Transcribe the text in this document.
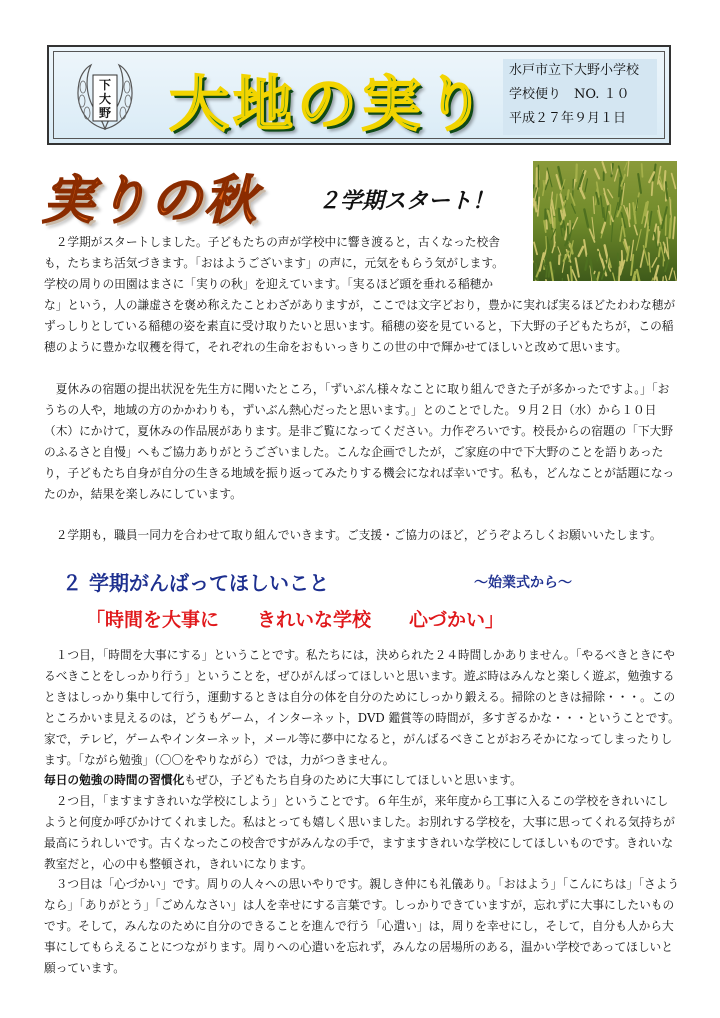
下
大
野 大地の実り 水戸市立下大野小学校
学校便り　NO. １０
平成２７年９月１日
実りの秋	２学期スタート！

２学期がスタートしました。子どもたちの声が学校中に響き渡ると，古くなった校舎も，たちまち活気づきます。「おはようございます」の声に，元気をもらう気がします。学校の周りの田園はまさに「実りの秋」を迎えています。「実るほど頭を垂れる稲穂か
な」という，人の謙虚さを褒め称えたことわざがありますが，ここでは文字どおり，豊かに実れば実るほどたわわな穂がずっしりとしている稲穂の姿を素直に受け取りたいと思います。稲穂の姿を見ていると，下大野の子どもたちが，この稲穂のように豊かな収穫を得て，それぞれの生命をおもいっきりこの世の中で輝かせてほしいと改めて思います。

夏休みの宿題の提出状況を先生方に聞いたところ，「ずいぶん様々なことに取り組んできた子が多かったですよ。」「おうちの人や，地域の方のかかわりも，ずいぶん熱心だったと思います。」とのことでした。９月２日（水）から１０日（木）にかけて，夏休みの作品展があります。是非ご覧になってください。力作ぞろいです。校長からの宿題の「下大野のふるさと自慢」へもご協力ありがとうございました。こんな企画でしたが，ご家庭の中で下大野のことを語りあったり，子どもたち自身が自分の生きる地域を振り返ってみたりする機会になれば幸いです。私も，どんなことが話題になったのか，結果を楽しみにしています。

２学期も，職員一同力を合わせて取り組んでいきます。ご支援・ご協力のほど，どうぞよろしくお願いいたします。

２ 学期がんばってほしいこと	～始業式から～
「時間を大事に　　きれいな学校　　心づかい」

１つ目，「時間を大事にする」ということです。私たちには，決められた２４時間しかありません。「やるべきときにやるべきことをしっかり行う」ということを，ぜひがんばってほしいと思います。遊ぶ時はみんなと楽しく遊ぶ，勉強するときはしっかり集中して行う，運動するときは自分の体を自分のためにしっかり鍛える。掃除のときは掃除・・・。このところかいま見えるのは，どうもゲーム，インターネット，DVD 鑑賞等の時間が，多すぎるかな・・・ということです。家で，テレビ，ゲームやインターネット，メール等に夢中になると，がんばるべきことがおろそかになってしまったりします。「ながら勉強」（〇〇をやりながら）では，力がつきません。

毎日の勉強の時間の習慣化もぜひ，子どもたち自身のために大事にしてほしいと思います。

２つ目，「ますますきれいな学校にしよう」ということです。６年生が，来年度から工事に入るこの学校をきれいにしようと何度か呼びかけてくれました。私はとっても嬉しく思いました。お別れする学校を，大事に思ってくれる気持ちが最高にうれしいです。古くなったこの校舎ですがみんなの手で，ますますきれいな学校にしてほしいものです。きれいな教室だと，心の中も整頓され，きれいになります。

３つ目は「心づかい」です。周りの人々への思いやりです。親しき仲にも礼儀あり。「おはよう」「こんにちは」「さようなら」「ありがとう」「ごめんなさい」は人を幸せにする言葉です。しっかりできていますが，忘れずに大事にしたいものです。そして，みんなのために自分のできることを進んで行う「心遣い」は，周りを幸せにし，そして，自分も人から大事にしてもらえることにつながります。周りへの心遣いを忘れず，みんなの居場所のある，温かい学校であってほしいと願っています。
